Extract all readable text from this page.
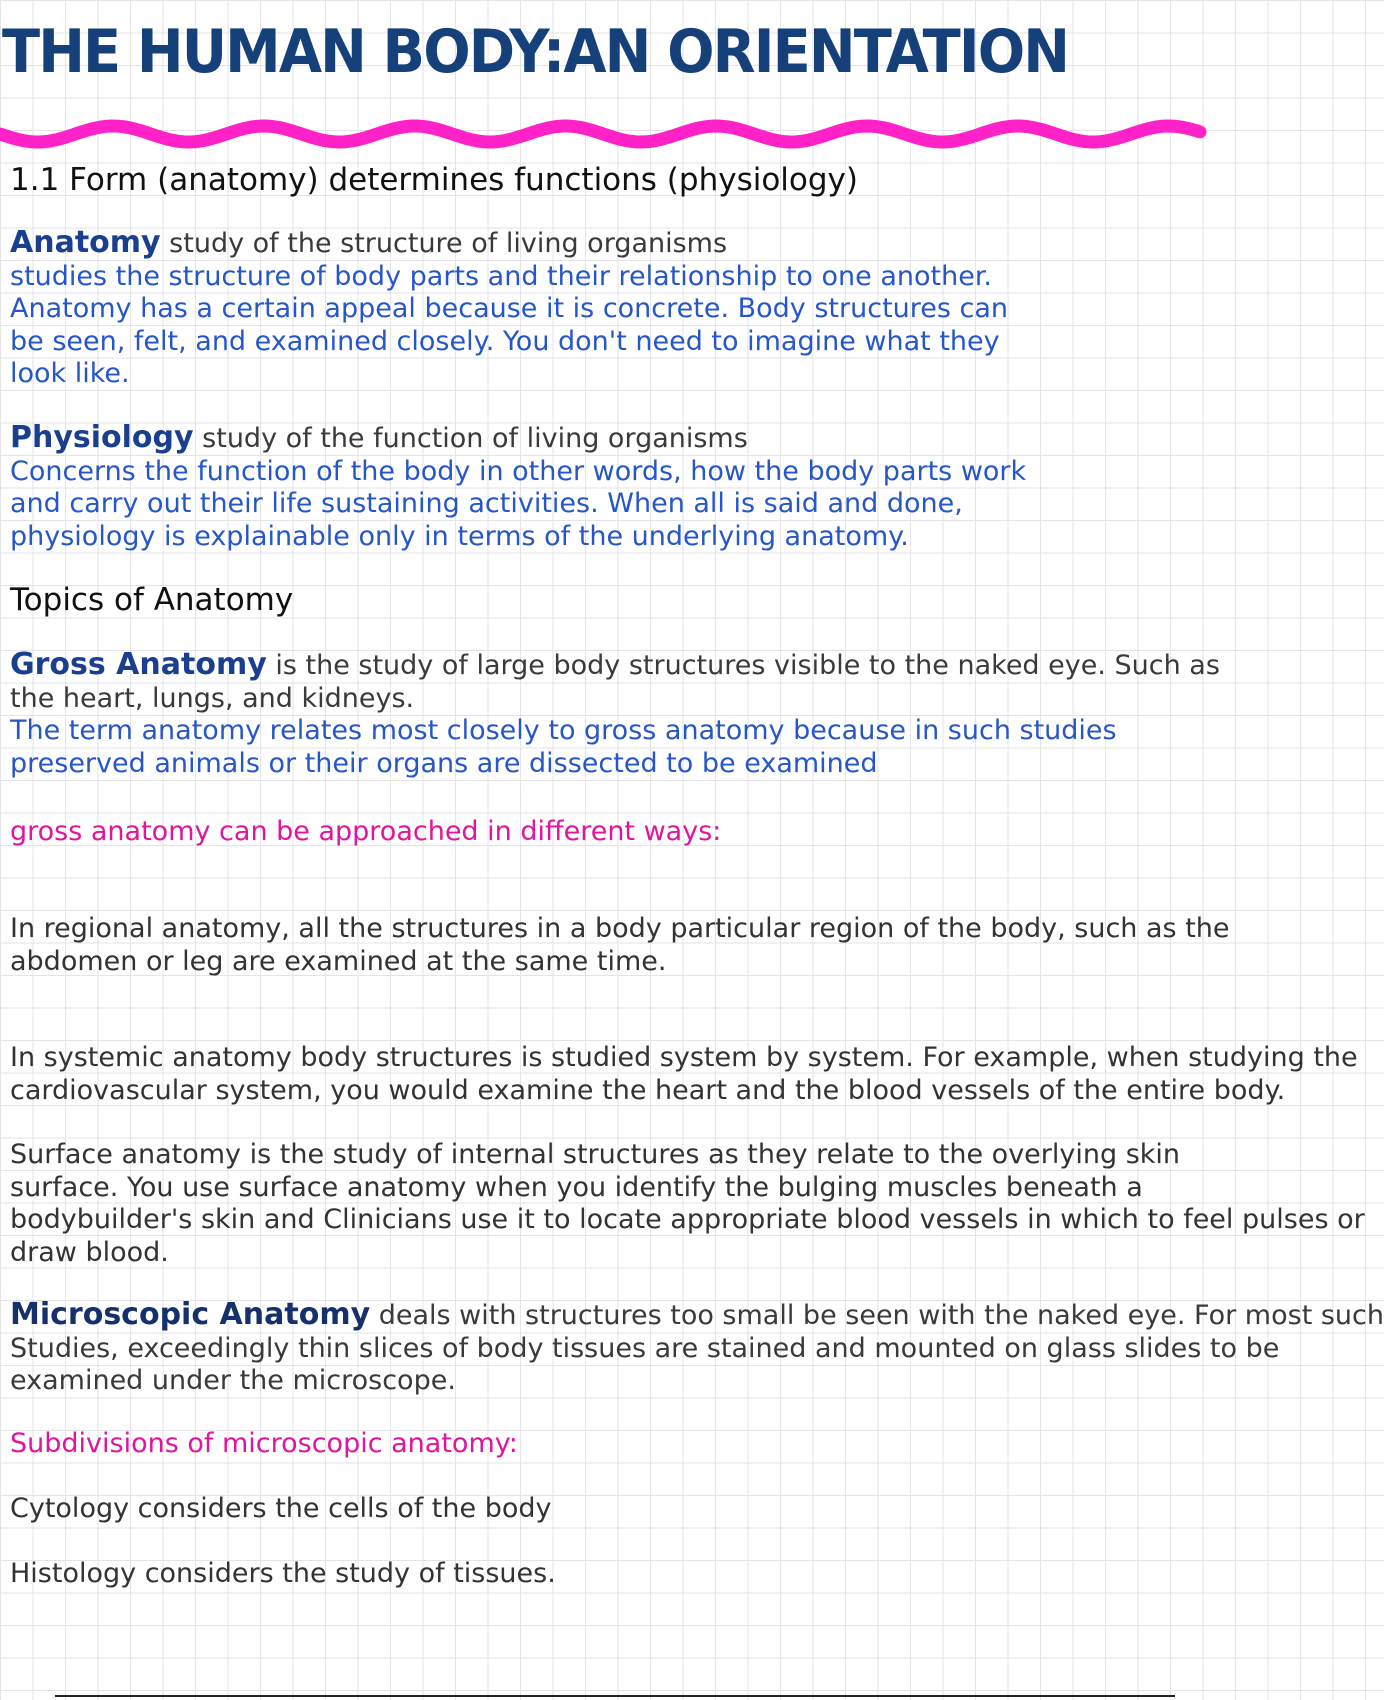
THE HUMAN BODY:AN ORIENTATION
1.1 Form (anatomy) determines functions (physiology)
Anatomy study of the structure of living organisms
studies the structure of body parts and their relationship to one another.
Anatomy has a certain appeal because it is concrete. Body structures can
be seen, felt, and examined closely. You don't need to imagine what they
look like.
Physiology study of the function of living organisms
Concerns the function of the body in other words, how the body parts work
and carry out their life sustaining activities. When all is said and done,
physiology is explainable only in terms of the underlying anatomy.
Topics of Anatomy
Gross Anatomy is the study of large body structures visible to the naked eye. Such as
the heart, lungs, and kidneys.
The term anatomy relates most closely to gross anatomy because in such studies
preserved animals or their organs are dissected to be examined
gross anatomy can be approached in different ways:
In regional anatomy, all the structures in a body particular region of the body, such as the
abdomen or leg are examined at the same time.
In systemic anatomy body structures is studied system by system. For example, when studying the
cardiovascular system, you would examine the heart and the blood vessels of the entire body.
Surface anatomy is the study of internal structures as they relate to the overlying skin
surface. You use surface anatomy when you identify the bulging muscles beneath a
bodybuilder's skin and Clinicians use it to locate appropriate blood vessels in which to feel pulses or
draw blood.
Microscopic Anatomy deals with structures too small be seen with the naked eye. For most such
Studies, exceedingly thin slices of body tissues are stained and mounted on glass slides to be
examined under the microscope.
Subdivisions of microscopic anatomy:
Cytology considers the cells of the body
Histology considers the study of tissues.
